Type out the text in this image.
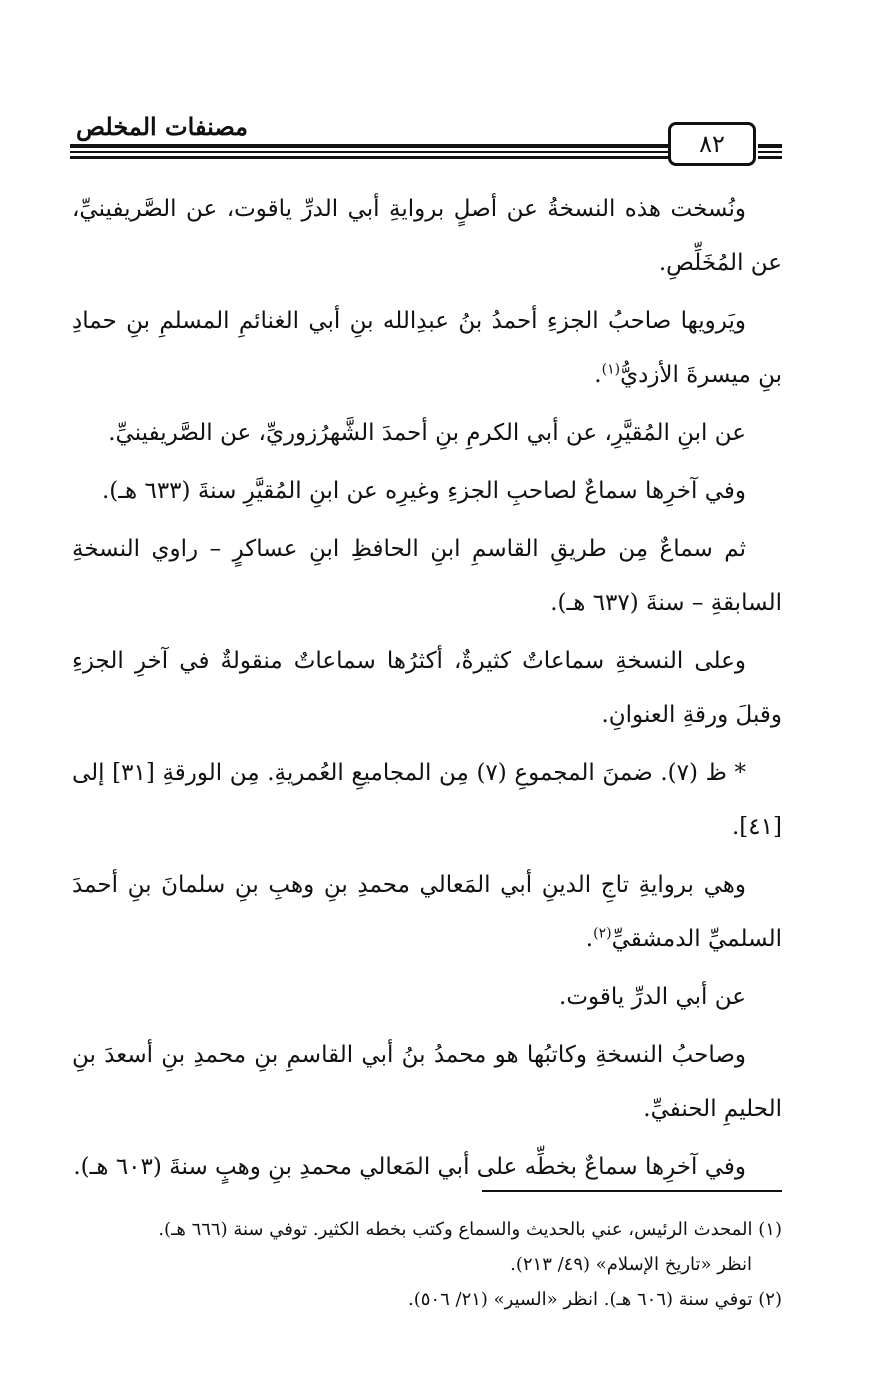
مصنفات المخلص
٨٢

ونُسخت هذه النسخةُ عن أصلٍ بروايةِ أبي الدرِّ ياقوت، عن الصَّريفينيِّ، عن المُخَلِّصِ.

ويَرويها صاحبُ الجزءِ أحمدُ بنُ عبدِالله بنِ أبي الغنائمِ المسلمِ بنِ حمادِ بنِ ميسرةَ الأزديُّ$^{(١)}$.

عن ابنِ المُقيَّرِ، عن أبي الكرمِ بنِ أحمدَ الشَّهرُزوريِّ، عن الصَّريفينيِّ.

وفي آخرِها سماعٌ لصاحبِ الجزءِ وغيرِه عن ابنِ المُقيَّرِ سنةَ (٦٣٣ هـ).

ثم سماعٌ مِن طريقِ القاسمِ ابنِ الحافظِ ابنِ عساكرٍ – راوي النسخةِ السابقةِ – سنةَ (٦٣٧ هـ).

وعلى النسخةِ سماعاتٌ كثيرةٌ، أكثرُها سماعاتٌ منقولةٌ في آخرِ الجزءِ وقبلَ ورقةِ العنوانِ.

* ظ (٧). ضمنَ المجموعِ (٧) مِن المجاميعِ العُمريةِ. مِن الورقةِ [٣١] إلى [٤١].

وهي بروايةِ تاجِ الدينِ أبي المَعالي محمدِ بنِ وهبِ بنِ سلمانَ بنِ أحمدَ السلميِّ الدمشقيِّ$^{(٢)}$.

عن أبي الدرِّ ياقوت.

وصاحبُ النسخةِ وكاتبُها هو محمدُ بنُ أبي القاسمِ بنِ محمدِ بنِ أسعدَ بنِ الحليمِ الحنفيِّ.

وفي آخرِها سماعٌ بخطِّه على أبي المَعالي محمدِ بنِ وهبٍ سنةَ (٦٠٣ هـ).

(١) المحدث الرئيس، عني بالحديث والسماع وكتب بخطه الكثير. توفي سنة (٦٦٦ هـ).
انظر «تاريخ الإسلام» (٤٩/ ٢١٣).

(٢) توفي سنة (٦٠٦ هـ). انظر «السير» (٢١/ ٥٠٦).
